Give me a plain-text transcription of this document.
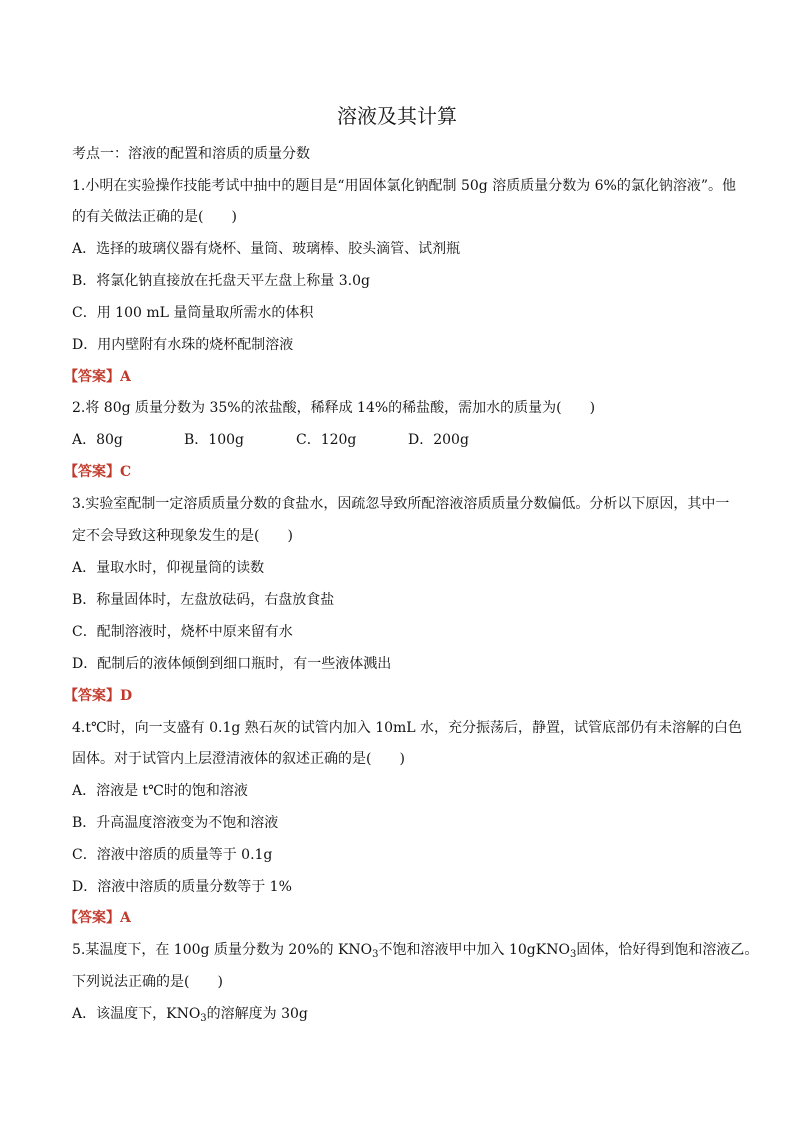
溶液及其计算
考点一：溶液的配置和溶质的质量分数
1.小明在实验操作技能考试中抽中的题目是“用固体氯化钠配制 50g 溶质质量分数为 6%的氯化钠溶液”。他
的有关做法正确的是(　　)
A．选择的玻璃仪器有烧杯、量筒、玻璃棒、胶头滴管、试剂瓶
B．将氯化钠直接放在托盘天平左盘上称量 3.0g
C．用 100 mL 量筒量取所需水的体积
D．用内壁附有水珠的烧杯配制溶液
【答案】A
2.将 80g 质量分数为 35%的浓盐酸，稀释成 14%的稀盐酸，需加水的质量为(　　)
A．80g	B．100g	C．120g	D．200g
【答案】C
3.实验室配制一定溶质质量分数的食盐水，因疏忽导致所配溶液溶质质量分数偏低。分析以下原因，其中一
定不会导致这种现象发生的是(　　)
A．量取水时，仰视量筒的读数
B．称量固体时，左盘放砝码，右盘放食盐
C．配制溶液时，烧杯中原来留有水
D．配制后的液体倾倒到细口瓶时，有一些液体溅出
【答案】D
4.t℃时，向一支盛有 0.1g 熟石灰的试管内加入 10mL 水，充分振荡后，静置，试管底部仍有未溶解的白色
固体。对于试管内上层澄清液体的叙述正确的是(　　)
A．溶液是 t℃时的饱和溶液
B．升高温度溶液变为不饱和溶液
C．溶液中溶质的质量等于 0.1g
D．溶液中溶质的质量分数等于 1%
【答案】A
5.某温度下，在 100g 质量分数为 20%的 $KNO_3$不饱和溶液甲中加入 10gKNO$_3$固体，恰好得到饱和溶液乙。
下列说法正确的是(　　)
A．该温度下，$KNO_3$的溶解度为 30g
